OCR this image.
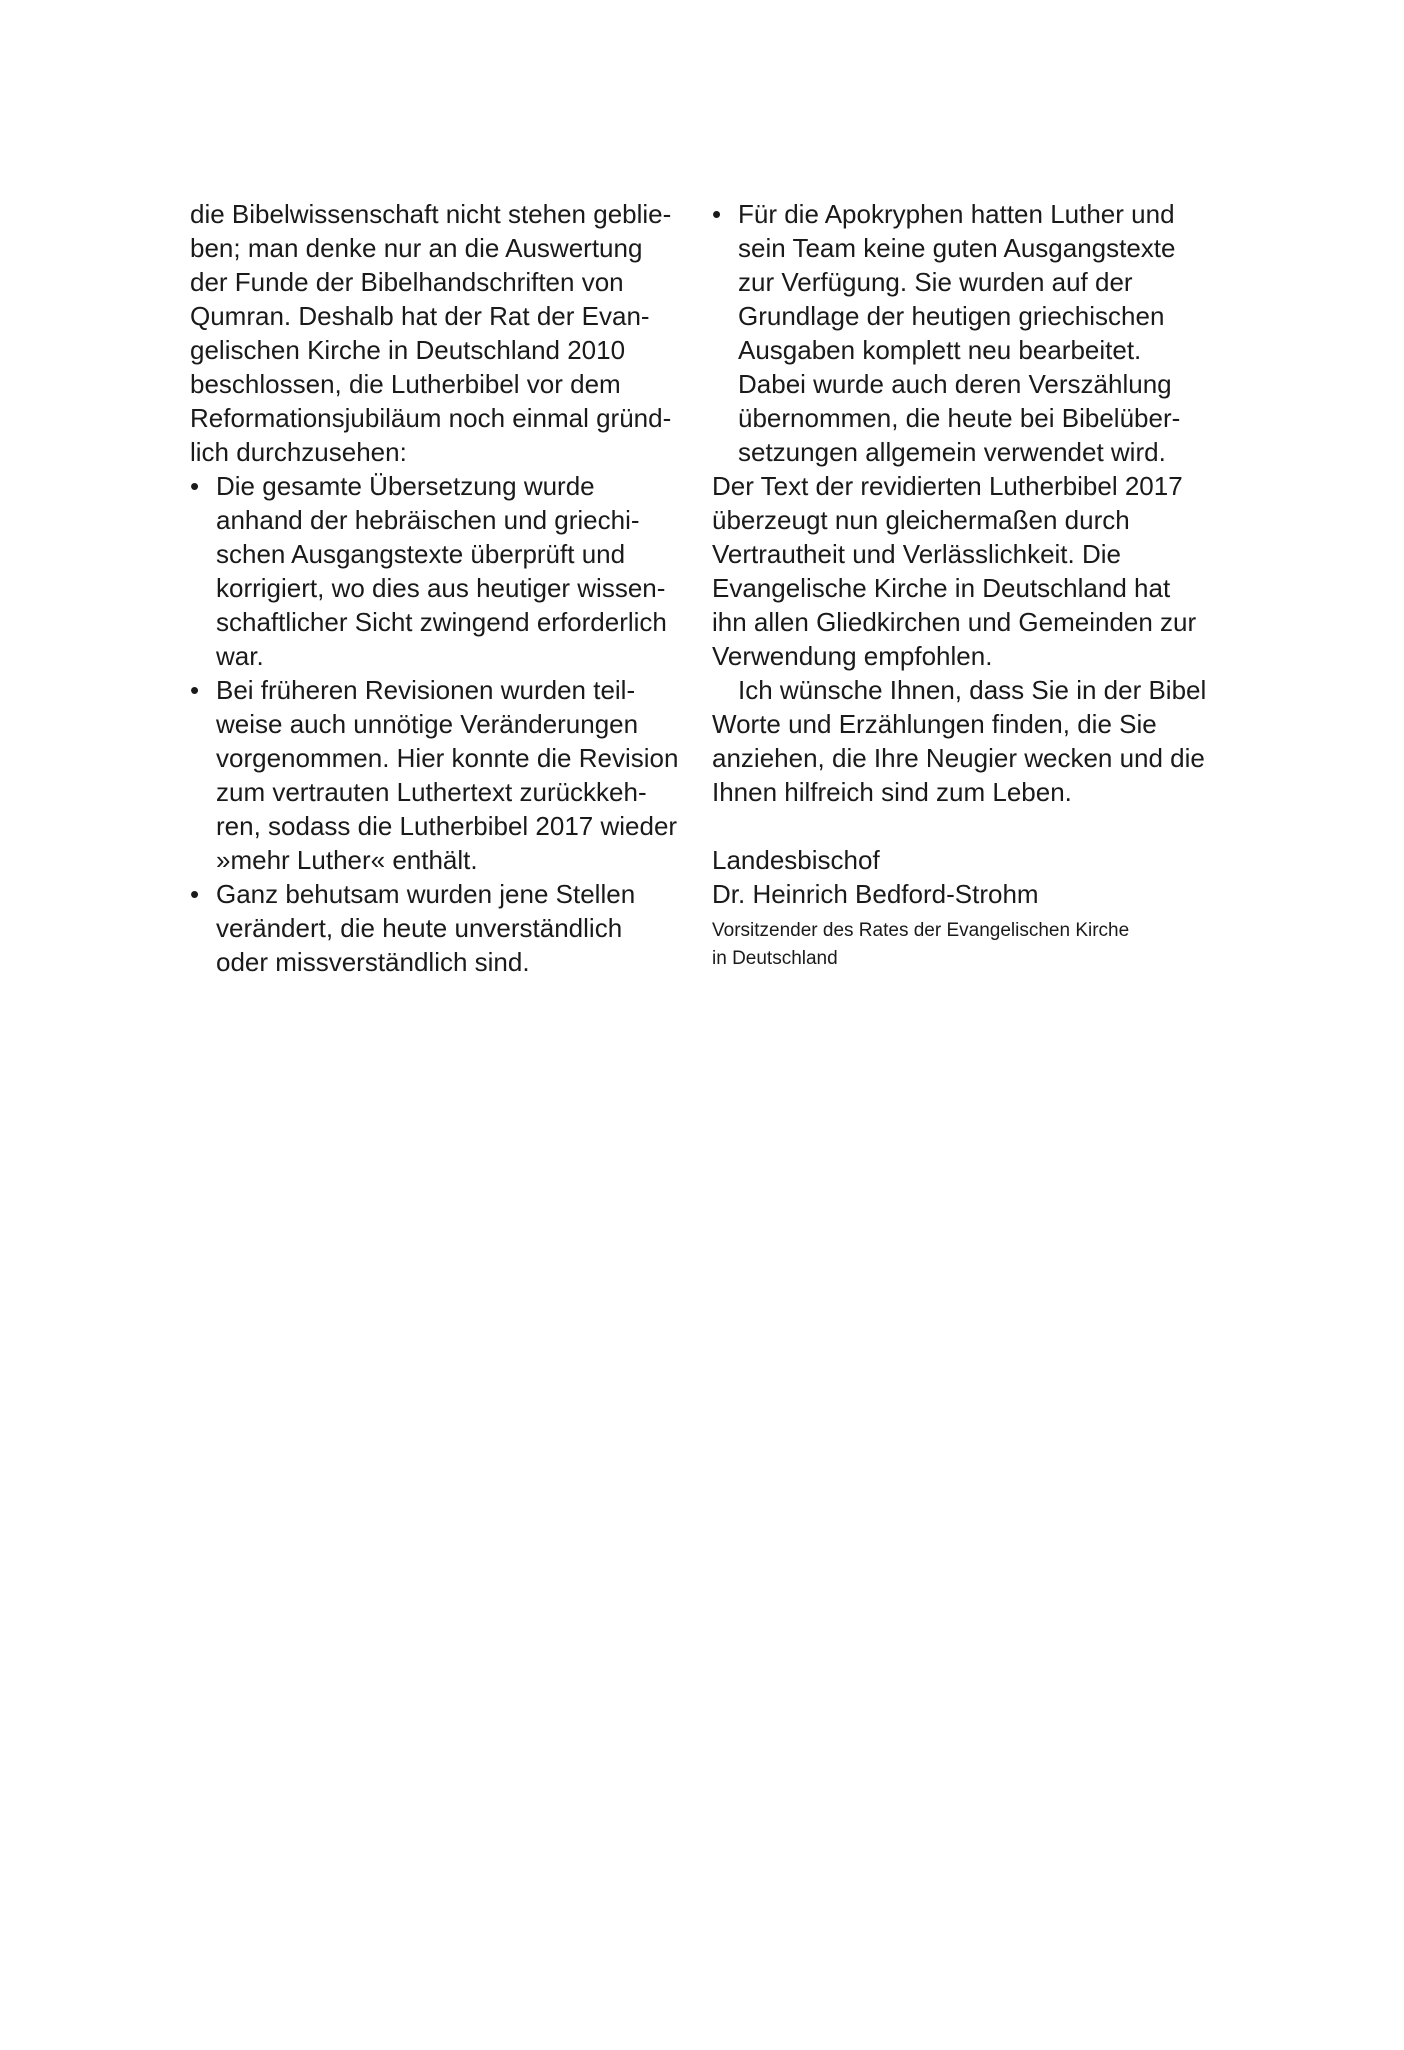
die Bibelwissenschaft nicht stehen geblie-
ben; man denke nur an die Auswertung
der Funde der Bibelhandschriften von
Qumran. Deshalb hat der Rat der Evan-
gelischen Kirche in Deutschland 2010
beschlossen, die Lutherbibel vor dem
Reformationsjubiläum noch einmal gründ-
lich durchzusehen:
• Die gesamte Übersetzung wurde
anhand der hebräischen und griechi-
schen Ausgangstexte überprüft und
korrigiert, wo dies aus heutiger wissen-
schaftlicher Sicht zwingend erforderlich
war.
• Bei früheren Revisionen wurden teil-
weise auch unnötige Veränderungen
vorgenommen. Hier konnte die Revision
zum vertrauten Luthertext zurückkeh-
ren, sodass die Lutherbibel 2017 wieder
»mehr Luther« enthält.
• Ganz behutsam wurden jene Stellen
verändert, die heute unverständlich
oder missverständlich sind.
• Für die Apokryphen hatten Luther und
sein Team keine guten Ausgangstexte
zur Verfügung. Sie wurden auf der
Grundlage der heutigen griechischen
Ausgaben komplett neu bearbeitet.
Dabei wurde auch deren Verszählung
übernommen, die heute bei Bibelüber-
setzungen allgemein verwendet wird.
Der Text der revidierten Lutherbibel 2017
überzeugt nun gleichermaßen durch
Vertrautheit und Verlässlichkeit. Die
Evangelische Kirche in Deutschland hat
ihn allen Gliedkirchen und Gemeinden zur
Verwendung empfohlen.
Ich wünsche Ihnen, dass Sie in der Bibel
Worte und Erzählungen finden, die Sie
anziehen, die Ihre Neugier wecken und die
Ihnen hilfreich sind zum Leben.
Landesbischof
Dr. Heinrich Bedford-Strohm
Vorsitzender des Rates der Evangelischen Kirche
in Deutschland
